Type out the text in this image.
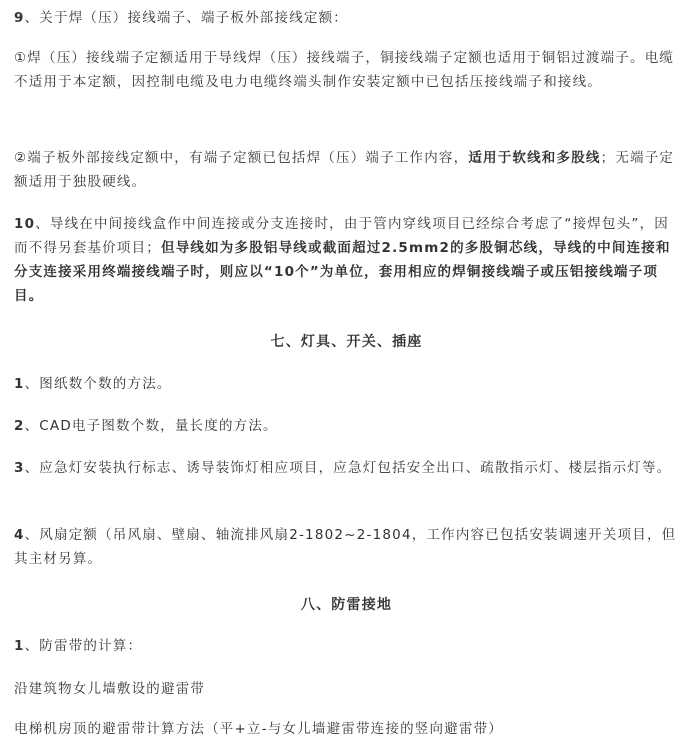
9、关于焊（压）接线端子、端子板外部接线定额：

①焊（压）接线端子定额适用于导线焊（压）接线端子，铜接线端子定额也适用于铜铝过渡端子。电缆不适用于本定额，因控制电缆及电力电缆终端头制作安装定额中已包括压接线端子和接线。

②端子板外部接线定额中，有端子定额已包括焊（压）端子工作内容，适用于软线和多股线；无端子定额适用于独股硬线。

10、导线在中间接线盒作中间连接或分支连接时，由于管内穿线项目已经综合考虑了“接焊包头”，因而不得另套基价项目；但导线如为多股铝导线或截面超过2.5mm2的多股铜芯线，导线的中间连接和分支连接采用终端接线端子时，则应以“10个”为单位，套用相应的焊铜接线端子或压铝接线端子项目。

七、灯具、开关、插座

1、图纸数个数的方法。

2、CAD电子图数个数，量长度的方法。

3、应急灯安装执行标志、诱导装饰灯相应项目，应急灯包括安全出口、疏散指示灯、楼层指示灯等。

4、风扇定额（吊风扇、壁扇、轴流排风扇2-1802~2-1804，工作内容已包括安装调速开关项目，但其主材另算。

八、防雷接地

1、防雷带的计算：

沿建筑物女儿墙敷设的避雷带

电梯机房顶的避雷带计算方法（平+立-与女儿墙避雷带连接的竖向避雷带）
